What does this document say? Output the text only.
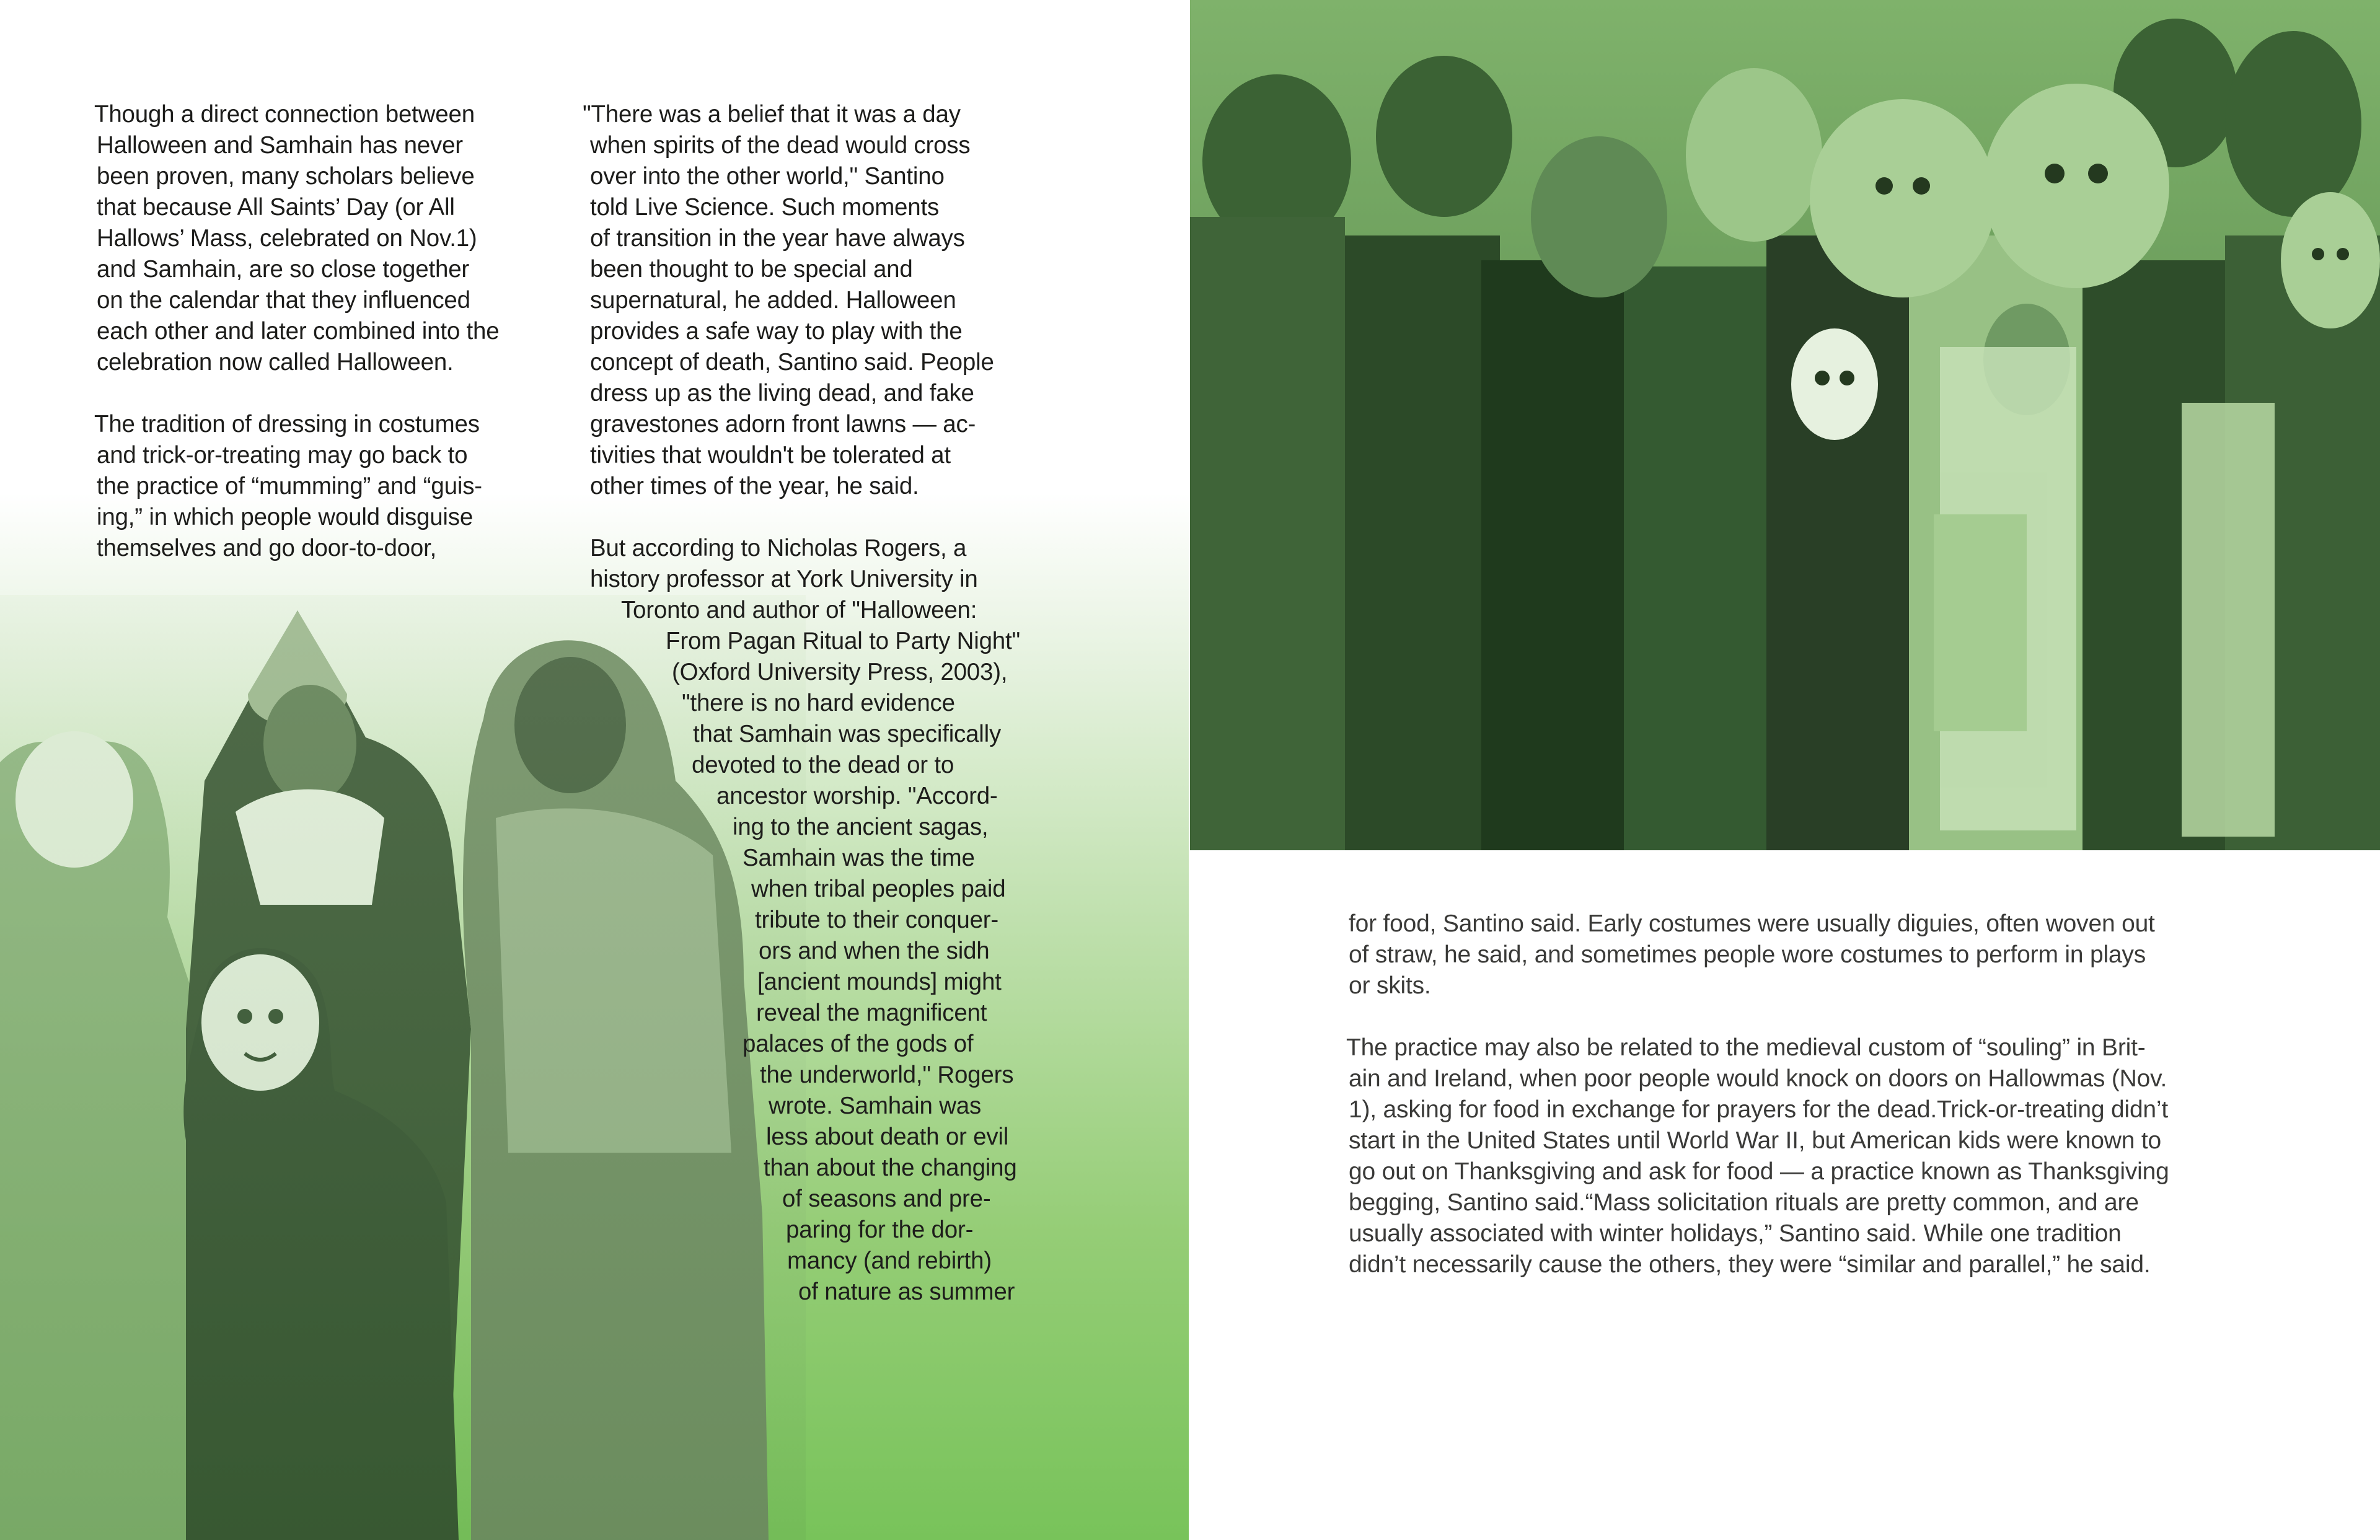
Though a direct connection between
Halloween and Samhain has never
been proven, many scholars believe
that because All Saints’ Day (or All
Hallows’ Mass, celebrated on Nov.1)
and Samhain, are so close together
on the calendar that they influenced
each other and later combined into the
celebration now called Halloween.
The tradition of dressing in costumes
and trick-or-treating may go back to
the practice of “mumming” and “guis-
ing,” in which people would disguise
themselves and go door-to-door,
"There was a belief that it was a day
when spirits of the dead would cross
over into the other world," Santino
told Live Science. Such moments
of transition in the year have always
been thought to be special and
supernatural, he added. Halloween
provides a safe way to play with the
concept of death, Santino said. People
dress up as the living dead, and fake
gravestones adorn front lawns — ac-
tivities that wouldn't be tolerated at
other times of the year, he said.
But according to Nicholas Rogers, a
history professor at York University in
Toronto and author of "Halloween:
From Pagan Ritual to Party Night"
(Oxford University Press, 2003),
"there is no hard evidence
that Samhain was specifically
devoted to the dead or to
ancestor worship. "Accord-
ing to the ancient sagas,
Samhain was the time
when tribal peoples paid
tribute to their conquer-
ors and when the sidh
[ancient mounds] might
reveal the magnificent
palaces of the gods of
the underworld," Rogers
wrote. Samhain was
less about death or evil
than about the changing
of seasons and pre-
paring for the dor-
mancy (and rebirth)
of nature as summer
for food, Santino said. Early costumes were usually diguies, often woven out
of straw, he said, and sometimes people wore costumes to perform in plays
or skits.
The practice may also be related to the medieval custom of “souling” in Brit-
ain and Ireland, when poor people would knock on doors on Hallowmas (Nov.
1), asking for food in exchange for prayers for the dead.Trick-or-treating didn’t
start in the United States until World War II, but American kids were known to
go out on Thanksgiving and ask for food — a practice known as Thanksgiving
begging, Santino said.“Mass solicitation rituals are pretty common, and are
usually associated with winter holidays,” Santino said. While one tradition
didn’t necessarily cause the others, they were “similar and parallel,” he said.
